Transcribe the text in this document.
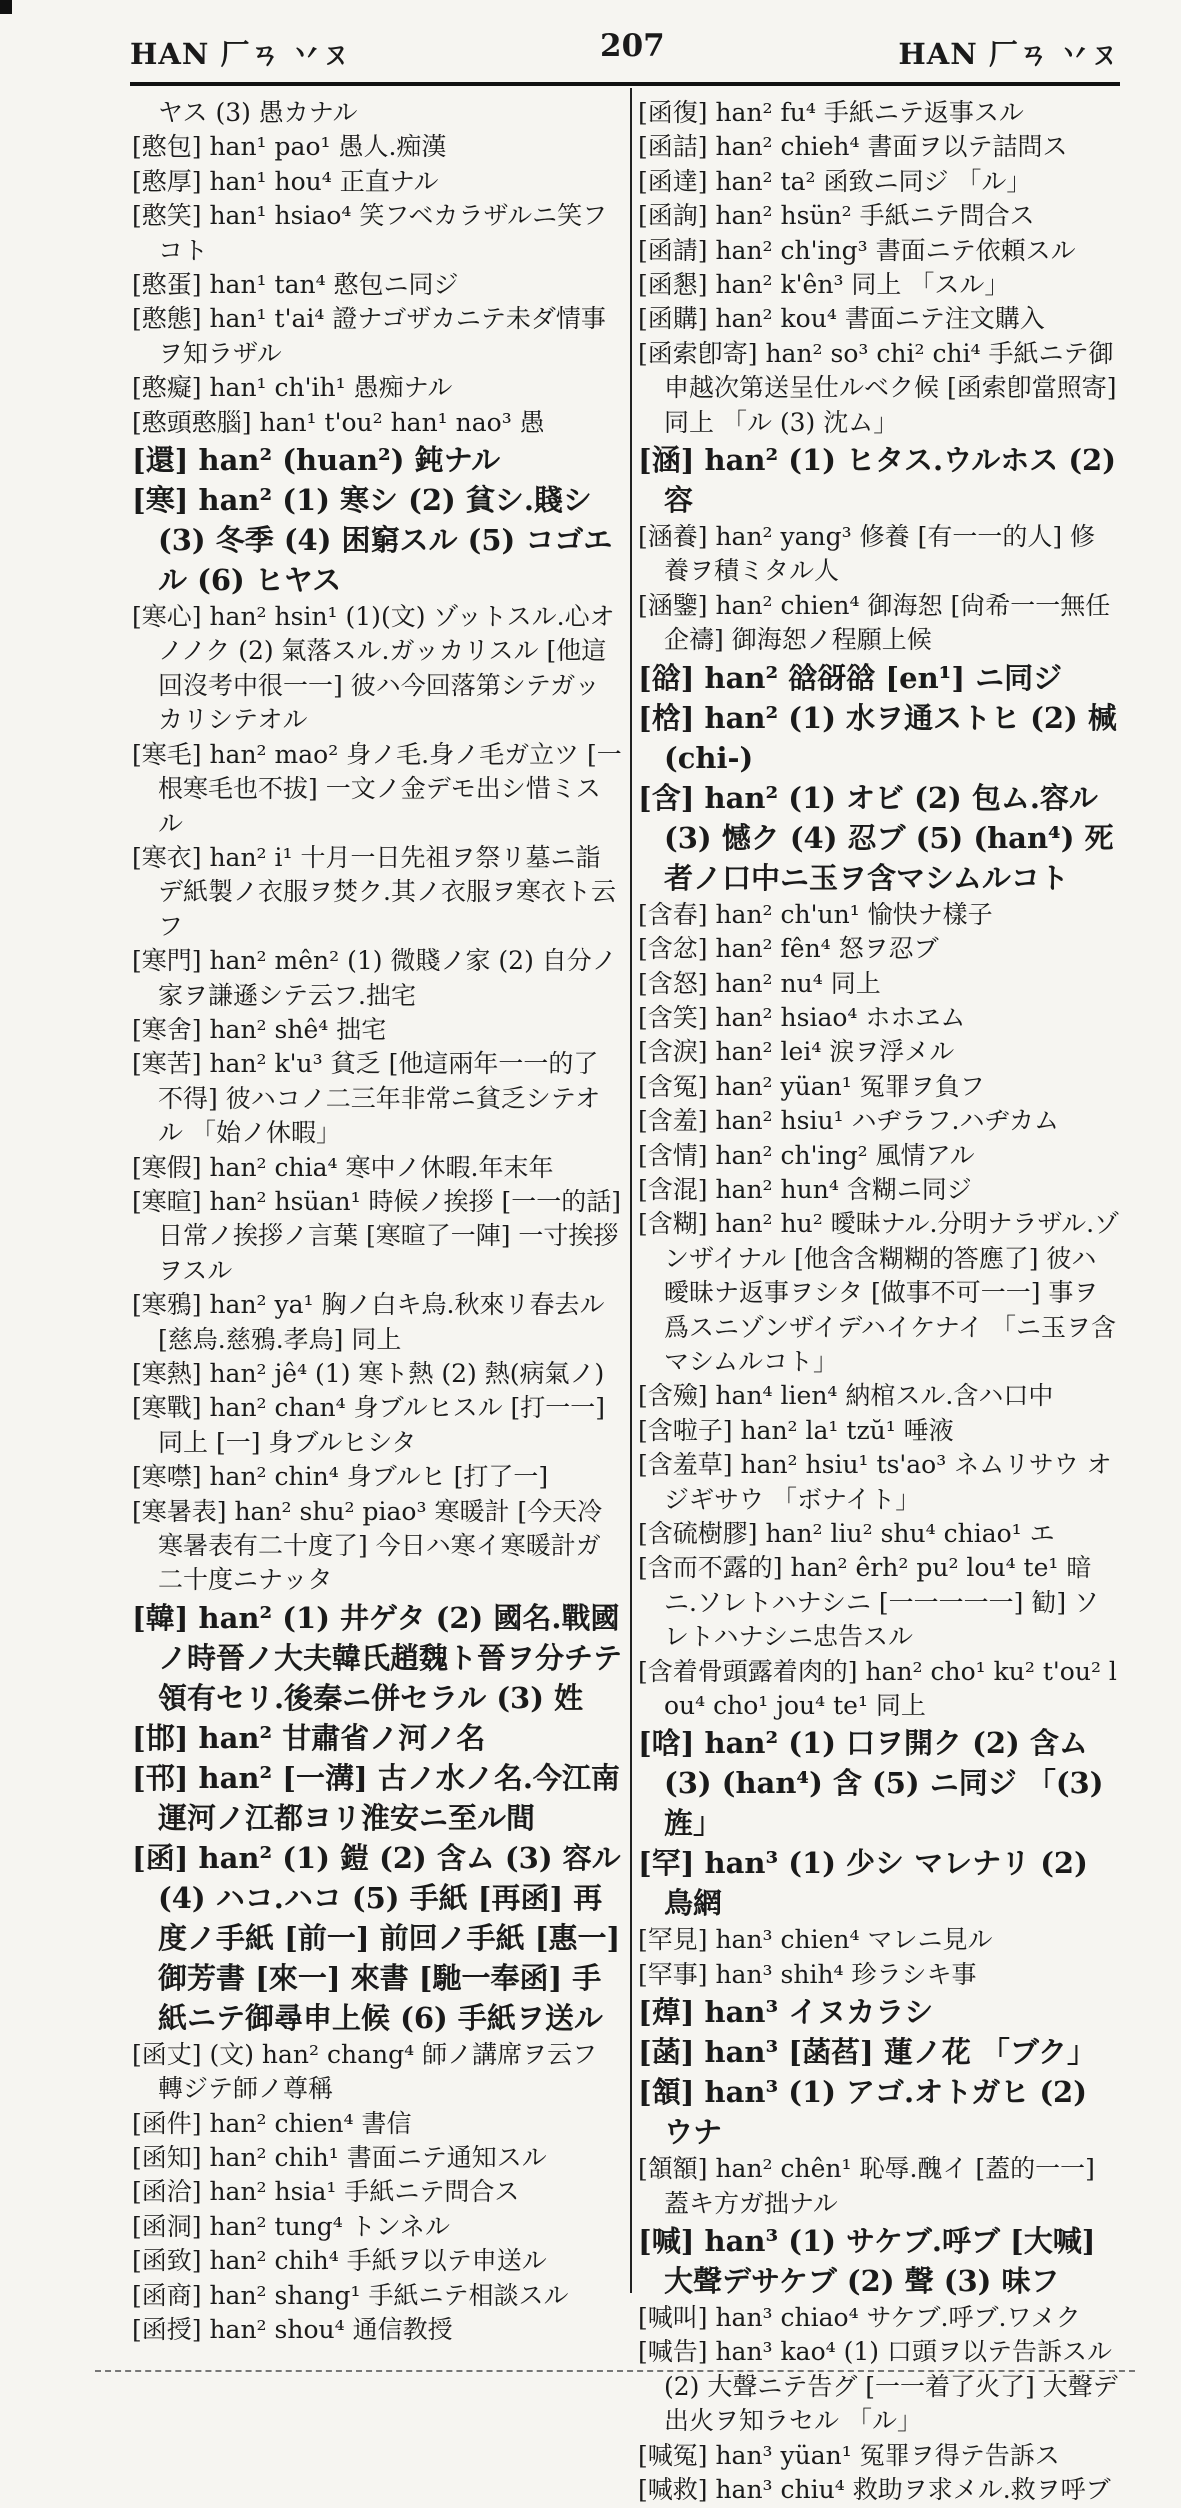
HAN 厂ㄢ 丷ㄡ	207	HAN 厂ㄢ 丷ㄡ

ヤス (3) 愚カナル

[憨包] han¹ pao¹ 愚人.痴漢

[憨厚] han¹ hou⁴ 正直ナル

[憨笑] han¹ hsiao⁴ 笑フベカラザルニ笑フコト

[憨蛋] han¹ tan⁴ 憨包ニ同ジ

[憨態] han¹ t'ai⁴ 證ナゴザカニテ未ダ情事ヲ知ラザル

[憨癡] han¹ ch'ih¹ 愚痴ナル

[憨頭憨腦] han¹ t'ou² han¹ nao³ 愚

[還] han² (huan²) 鈍ナル

[寒] han² (1) 寒シ (2) 貧シ.賤シ (3) 冬季 (4) 困窮スル (5) コゴエル (6) ヒヤス

[寒心] han² hsin¹ (1)(文) ゾットスル.心オノノク (2) 氣落スル.ガッカリスル [他這回沒考中很一一] 彼ハ今回落第シテガッカリシテオル

[寒毛] han² mao² 身ノ毛.身ノ毛ガ立ツ [一根寒毛也不拔] 一文ノ金デモ出シ惜ミスル

[寒衣] han² i¹ 十月一日先祖ヲ祭リ墓ニ詣デ紙製ノ衣服ヲ焚ク.其ノ衣服ヲ寒衣ト云フ

[寒門] han² mên² (1) 微賤ノ家 (2) 自分ノ家ヲ謙遜シテ云フ.拙宅

[寒舍] han² shê⁴ 拙宅

[寒苦] han² k'u³ 貧乏 [他這兩年一一的了不得] 彼ハコノ二三年非常ニ貧乏シテオル 「始ノ休暇」

[寒假] han² chia⁴ 寒中ノ休暇.年末年

[寒暄] han² hsüan¹ 時候ノ挨拶 [一一的話] 日常ノ挨拶ノ言葉 [寒暄了一陣] 一寸挨拶ヲスル

[寒鴉] han² ya¹ 胸ノ白キ烏.秋來リ春去ル [慈烏.慈鴉.孝烏] 同上

[寒熱] han² jê⁴ (1) 寒ト熱 (2) 熱(病氣ノ)

[寒戰] han² chan⁴ 身ブルヒスル [打一一] 同上 [一] 身ブルヒシタ

[寒噤] han² chin⁴ 身ブルヒ [打了一]

[寒暑表] han² shu² piao³ 寒暖計 [今天冷寒暑表有二十度了] 今日ハ寒イ寒暖計ガ二十度ニナッタ

[韓] han² (1) 井ゲタ (2) 國名.戰國ノ時晉ノ大夫韓氏趙魏ト晉ヲ分チテ領有セリ.後秦ニ併セラル (3) 姓

[邯] han² 甘肅省ノ河ノ名

[邗] han² [一溝] 古ノ水ノ名.今江南運河ノ江都ヨリ淮安ニ至ル間

[函] han² (1) 鎧 (2) 含ム (3) 容ル (4) ハコ.ハコ (5) 手紙 [再函] 再度ノ手紙 [前一] 前回ノ手紙 [惠一] 御芳書 [來一] 來書 [馳一奉函] 手紙ニテ御尋申上候 (6) 手紙ヲ送ル

[函丈] (文) han² chang⁴ 師ノ講席ヲ云フ 轉ジテ師ノ尊稱

[函件] han² chien⁴ 書信

[函知] han² chih¹ 書面ニテ通知スル

[函洽] han² hsia¹ 手紙ニテ問合ス

[函洞] han² tung⁴ トンネル

[函致] han² chih⁴ 手紙ヲ以テ申送ル

[函商] han² shang¹ 手紙ニテ相談スル

[函授] han² shou⁴ 通信教授

[函復] han² fu⁴ 手紙ニテ返事スル

[函詰] han² chieh⁴ 書面ヲ以テ詰問ス

[函達] han² ta² 函致ニ同ジ 「ル」

[函詢] han² hsün² 手紙ニテ問合ス

[函請] han² ch'ing³ 書面ニテ依頼スル

[函懇] han² k'ên³ 同上 「スル」

[函購] han² kou⁴ 書面ニテ注文購入

[函索卽寄] han² so³ chi² chi⁴ 手紙ニテ御申越次第送呈仕ルベク候 [函索卽當照寄] 同上 「ル (3) 沈ム」

[涵] han² (1) ヒタス.ウルホス (2) 容

[涵養] han² yang³ 修養 [有一一的人] 修養ヲ積ミタル人

[涵鑒] han² chien⁴ 御海恕 [尙希一一無任企禱] 御海恕ノ程願上候

[谽] han² 谽谺谽 [en¹] ニ同ジ

[梒] han² (1) 水ヲ通ストヒ (2) 椷(chi-)

[含] han² (1) オビ (2) 包ム.容ル (3) 憾ク (4) 忍ブ (5) (han⁴) 死者ノ口中ニ玉ヲ含マシムルコト

[含春] han² ch'un¹ 愉快ナ樣子

[含忿] han² fên⁴ 怒ヲ忍ブ

[含怒] han² nu⁴ 同上

[含笑] han² hsiao⁴ ホホヱム

[含淚] han² lei⁴ 涙ヲ浮メル

[含冤] han² yüan¹ 冤罪ヲ負フ

[含羞] han² hsiu¹ ハヂラフ.ハヂカム

[含情] han² ch'ing² 風情アル

[含混] han² hun⁴ 含糊ニ同ジ

[含糊] han² hu² 曖昧ナル.分明ナラザル.ゾンザイナル [他含含糊糊的答應了] 彼ハ曖昧ナ返事ヲシタ [做事不可一一] 事ヲ爲スニゾンザイデハイケナイ 「ニ玉ヲ含マシムルコト」

[含殮] han⁴ lien⁴ 納棺スル.含ハ口中

[含啦子] han² la¹ tzŭ¹ 唾液

[含羞草] han² hsiu¹ ts'ao³ ネムリサウ オジギサウ 「ボナイト」

[含硫樹膠] han² liu² shu⁴ chiao¹ エ

[含而不露的] han² êrh² pu² lou⁴ te¹ 暗ニ.ソレトハナシニ [一一一一一] 勧] ソレトハナシニ忠告スル

[含着骨頭露着肉的] han² cho¹ ku² t'ou² lou⁴ cho¹ jou⁴ te¹ 同上

[唅] han² (1) 口ヲ開ク (2) 含ム (3) (han⁴) 含 (5) ニ同ジ 「(3) 旌」

[罕] han³ (1) 少シ マレナリ (2) 鳥網

[罕見] han³ chien⁴ マレニ見ル

[罕事] han³ shih⁴ 珍ラシキ事

[蔊] han³ イヌカラシ

[菡] han³ [菡萏] 蓮ノ花 「ブク」

[頷] han³ (1) アゴ.オトガヒ (2) ウナ

[頷額] han² chên¹ 恥辱.醜イ [蓋的一一] 蓋キ方ガ拙ナル

[喊] han³ (1) サケブ.呼ブ [大喊] 大聲デサケブ (2) 聲 (3) 味フ

[喊叫] han³ chiao⁴ サケブ.呼ブ.ワメク

[喊告] han³ kao⁴ (1) 口頭ヲ以テ告訴スル (2) 大聲ニテ告グ [一一着了火了] 大聲デ出火ヲ知ラセル 「ル」

[喊冤] han³ yüan¹ 冤罪ヲ得テ告訴ス

[喊救] han³ chiu⁴ 救助ヲ求メル.救ヲ呼ブ
